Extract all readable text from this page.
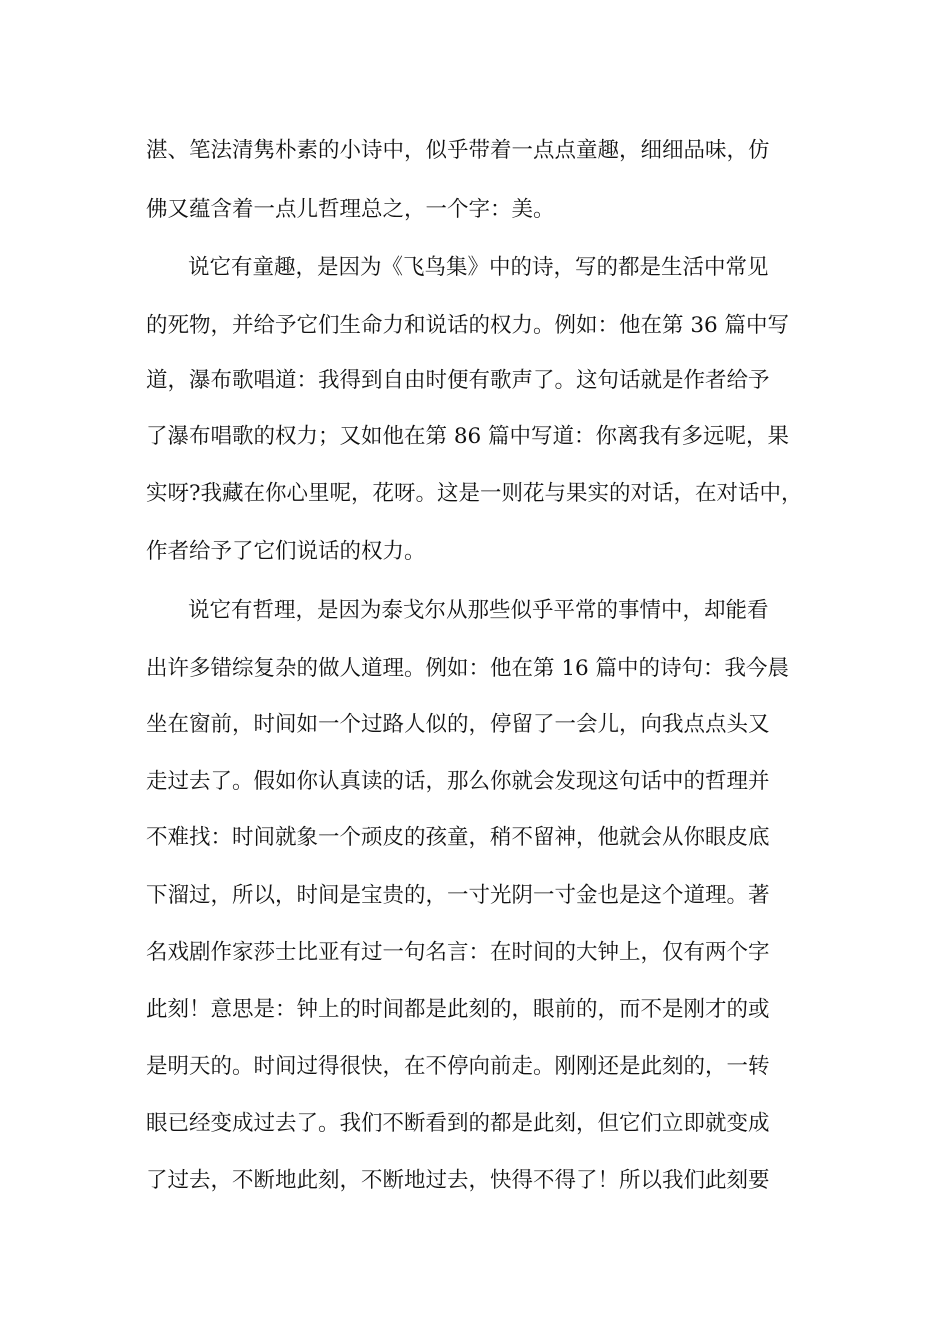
湛、笔法清隽朴素的小诗中，似乎带着一点点童趣，细细品味，仿
佛又蕴含着一点儿哲理总之，一个字：美。
说它有童趣，是因为《飞鸟集》中的诗，写的都是生活中常见
的死物，并给予它们生命力和说话的权力。例如：他在第 36 篇中写
道，瀑布歌唱道：我得到自由时便有歌声了。这句话就是作者给予
了瀑布唱歌的权力；又如他在第 86 篇中写道：你离我有多远呢，果
实呀?我藏在你心里呢，花呀。这是一则花与果实的对话，在对话中，
作者给予了它们说话的权力。
说它有哲理，是因为泰戈尔从那些似乎平常的事情中，却能看
出许多错综复杂的做人道理。例如：他在第 16 篇中的诗句：我今晨
坐在窗前，时间如一个过路人似的，停留了一会儿，向我点点头又
走过去了。假如你认真读的话，那么你就会发现这句话中的哲理并
不难找：时间就象一个顽皮的孩童，稍不留神，他就会从你眼皮底
下溜过，所以，时间是宝贵的，一寸光阴一寸金也是这个道理。著
名戏剧作家莎士比亚有过一句名言：在时间的大钟上，仅有两个字
此刻！意思是：钟上的时间都是此刻的，眼前的，而不是刚才的或
是明天的。时间过得很快，在不停向前走。刚刚还是此刻的，一转
眼已经变成过去了。我们不断看到的都是此刻，但它们立即就变成
了过去，不断地此刻，不断地过去，快得不得了！所以我们此刻要
